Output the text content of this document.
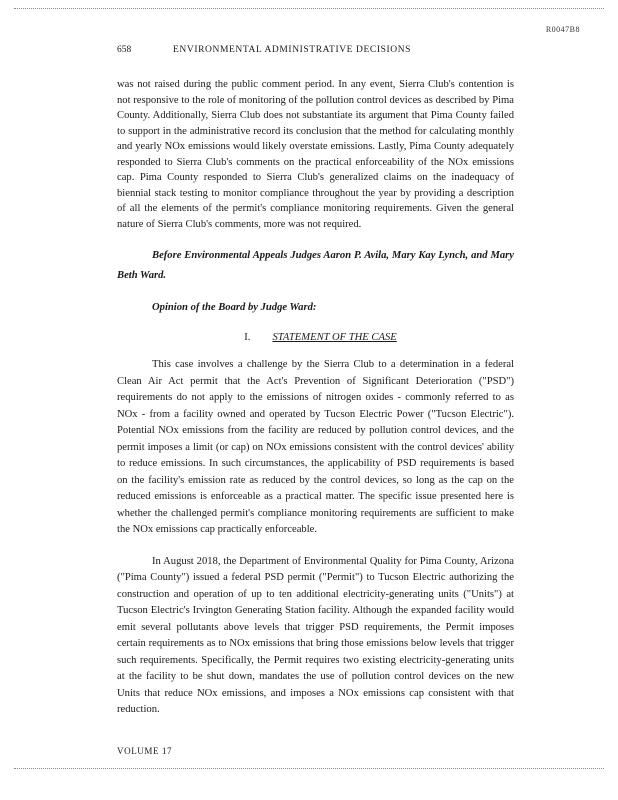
R0047B8
658	ENVIRONMENTAL ADMINISTRATIVE DECISIONS

was not raised during the public comment period. In any event, Sierra Club's contention is not responsive to the role of monitoring of the pollution control devices as described by Pima County. Additionally, Sierra Club does not substantiate its argument that Pima County failed to support in the administrative record its conclusion that the method for calculating monthly and yearly NOx emissions would likely overstate emissions. Lastly, Pima County adequately responded to Sierra Club's comments on the practical enforceability of the NOx emissions cap. Pima County responded to Sierra Club's generalized claims on the inadequacy of biennial stack testing to monitor compliance throughout the year by providing a description of all the elements of the permit's compliance monitoring requirements. Given the general nature of Sierra Club's comments, more was not required.

Before Environmental Appeals Judges Aaron P. Avila, Mary Kay Lynch, and Mary Beth Ward.

Opinion of the Board by Judge Ward:

I. STATEMENT OF THE CASE

This case involves a challenge by the Sierra Club to a determination in a federal Clean Air Act permit that the Act's Prevention of Significant Deterioration ("PSD") requirements do not apply to the emissions of nitrogen oxides - commonly referred to as NOx - from a facility owned and operated by Tucson Electric Power ("Tucson Electric"). Potential NOx emissions from the facility are reduced by pollution control devices, and the permit imposes a limit (or cap) on NOx emissions consistent with the control devices' ability to reduce emissions. In such circumstances, the applicability of PSD requirements is based on the facility's emission rate as reduced by the control devices, so long as the cap on the reduced emissions is enforceable as a practical matter. The specific issue presented here is whether the challenged permit's compliance monitoring requirements are sufficient to make the NOx emissions cap practically enforceable.

In August 2018, the Department of Environmental Quality for Pima County, Arizona ("Pima County") issued a federal PSD permit ("Permit") to Tucson Electric authorizing the construction and operation of up to ten additional electricity-generating units ("Units") at Tucson Electric's Irvington Generating Station facility. Although the expanded facility would emit several pollutants above levels that trigger PSD requirements, the Permit imposes certain requirements as to NOx emissions that bring those emissions below levels that trigger such requirements. Specifically, the Permit requires two existing electricity-generating units at the facility to be shut down, mandates the use of pollution control devices on the new Units that reduce NOx emissions, and imposes a NOx emissions cap consistent with that reduction.

VOLUME 17
